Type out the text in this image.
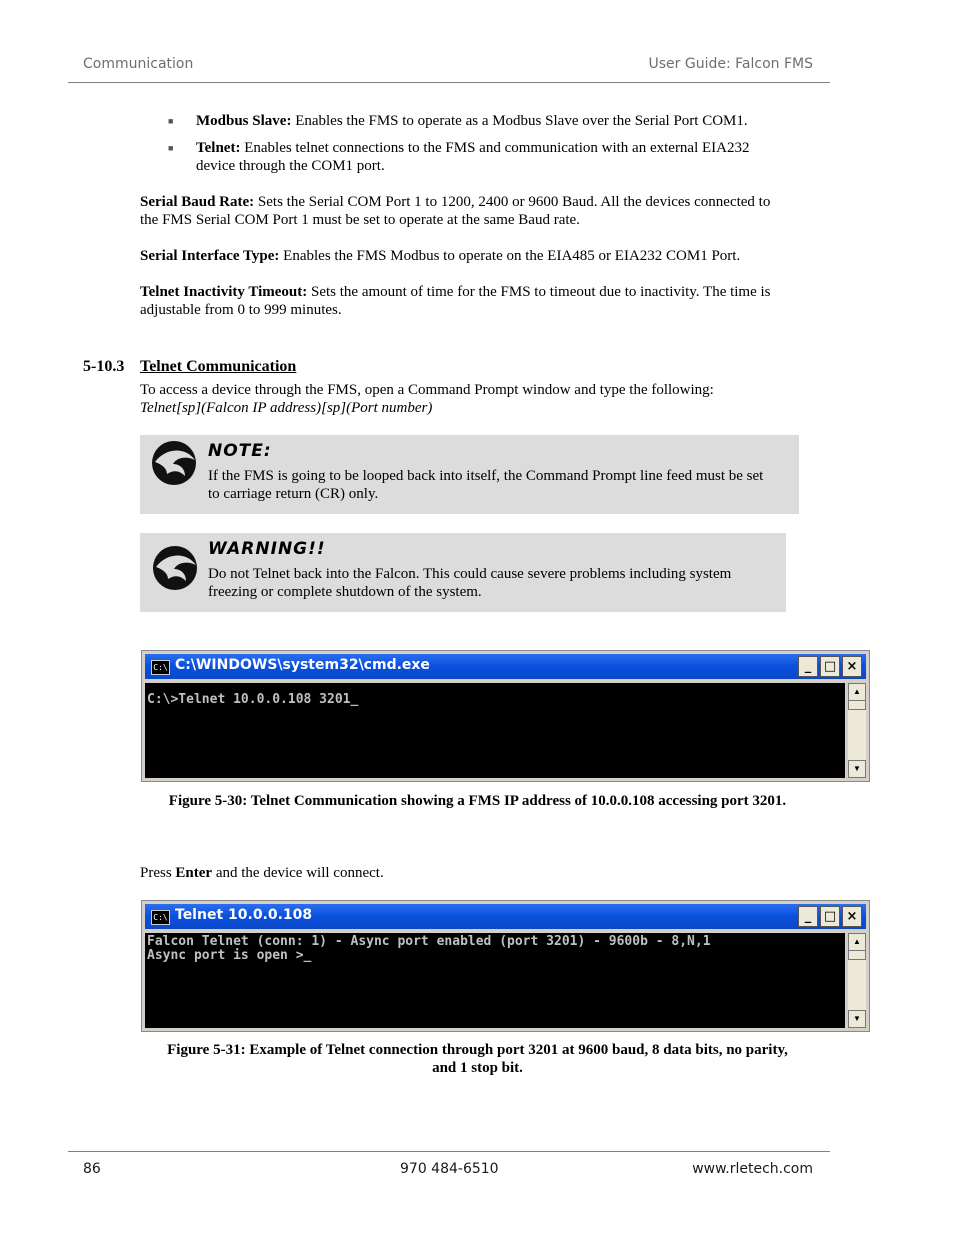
Communication	User Guide: Falcon FMS
■ Modbus Slave: Enables the FMS to operate as a Modbus Slave over the Serial Port COM1.
■ Telnet: Enables telnet connections to the FMS and communication with an external EIA232
device through the COM1 port.
Serial Baud Rate: Sets the Serial COM Port 1 to 1200, 2400 or 9600 Baud. All the devices connected to
the FMS Serial COM Port 1 must be set to operate at the same Baud rate.
Serial Interface Type: Enables the FMS Modbus to operate on the EIA485 or EIA232 COM1 Port.
Telnet Inactivity Timeout: Sets the amount of time for the FMS to timeout due to inactivity. The time is
adjustable from 0 to 999 minutes.
5-10.3 Telnet Communication
To access a device through the FMS, open a Command Prompt window and type the following:
Telnet[sp](Falcon IP address)[sp](Port number)
NOTE:
If the FMS is going to be looped back into itself, the Command Prompt line feed must be set
to carriage return (CR) only.
WARNING!!
Do not Telnet back into the Falcon. This could cause severe problems including system
freezing or complete shutdown of the system.
C:\ C:\WINDOWS\system32\cmd.exe	_ □ ×
C:\>Telnet 10.0.0.108 3201_
▲
▼
Figure 5-30: Telnet Communication showing a FMS IP address of 10.0.0.108 accessing port 3201.
Press Enter and the device will connect.
C:\ Telnet 10.0.0.108	_ □ ×
Falcon Telnet (conn: 1) - Async port enabled (port 3201) - 9600b - 8,N,1
Async port is open >_
▲
▼
Figure 5-31: Example of Telnet connection through port 3201 at 9600 baud, 8 data bits, no parity,
and 1 stop bit.
86	970 484-6510	www.rletech.com
